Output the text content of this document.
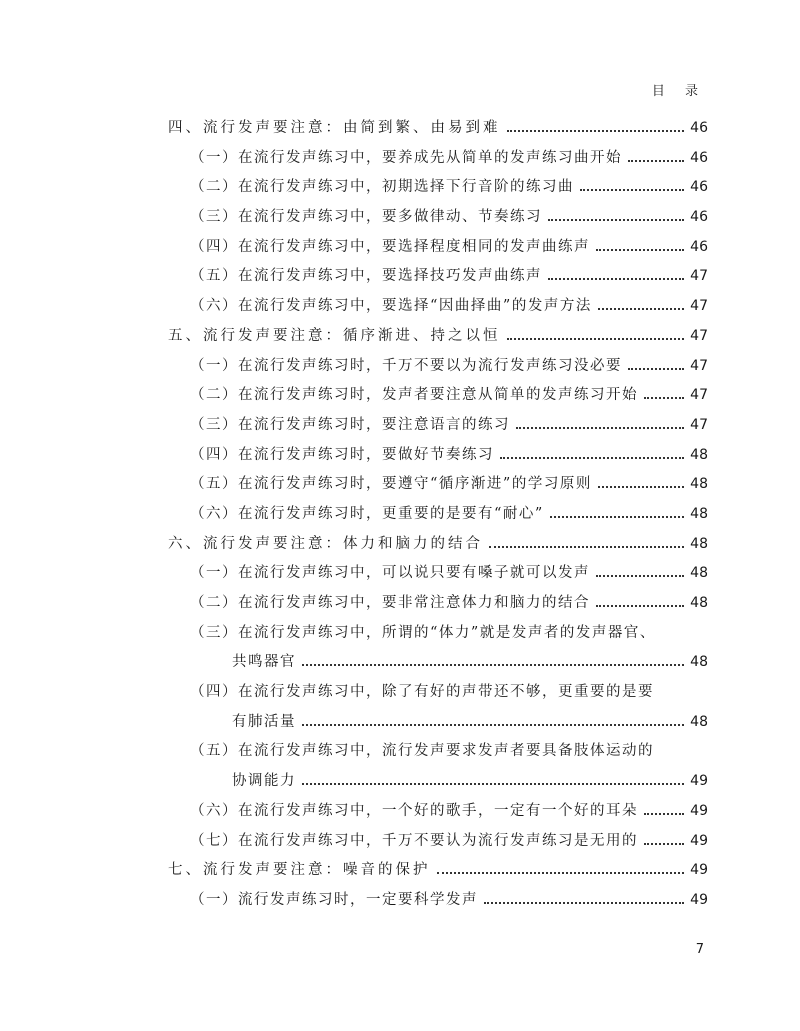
目 录
四、流行发声要注意：由简到繁、由易到难	46
（一）在流行发声练习中，要养成先从简单的发声练习曲开始	46
（二）在流行发声练习中，初期选择下行音阶的练习曲	46
（三）在流行发声练习中，要多做律动、节奏练习	46
（四）在流行发声练习中，要选择程度相同的发声曲练声	46
（五）在流行发声练习中，要选择技巧发声曲练声	47
（六）在流行发声练习中，要选择“因曲择曲”的发声方法	47
五、流行发声要注意：循序渐进、持之以恒	47
（一）在流行发声练习时，千万不要以为流行发声练习没必要	47
（二）在流行发声练习时，发声者要注意从简单的发声练习开始	47
（三）在流行发声练习时，要注意语言的练习	47
（四）在流行发声练习时，要做好节奏练习	48
（五）在流行发声练习时，要遵守“循序渐进”的学习原则	48
（六）在流行发声练习时，更重要的是要有“耐心”	48
六、流行发声要注意：体力和脑力的结合	48
（一）在流行发声练习中，可以说只要有嗓子就可以发声	48
（二）在流行发声练习中，要非常注意体力和脑力的结合	48
（三）在流行发声练习中，所谓的“体力”就是发声者的发声器官、
共鸣器官	48
（四）在流行发声练习中，除了有好的声带还不够，更重要的是要
有肺活量	48
（五）在流行发声练习中，流行发声要求发声者要具备肢体运动的
协调能力	49
（六）在流行发声练习中，一个好的歌手，一定有一个好的耳朵	49
（七）在流行发声练习中，千万不要认为流行发声练习是无用的	49
七、流行发声要注意：噪音的保护	49
（一）流行发声练习时，一定要科学发声	49
7
